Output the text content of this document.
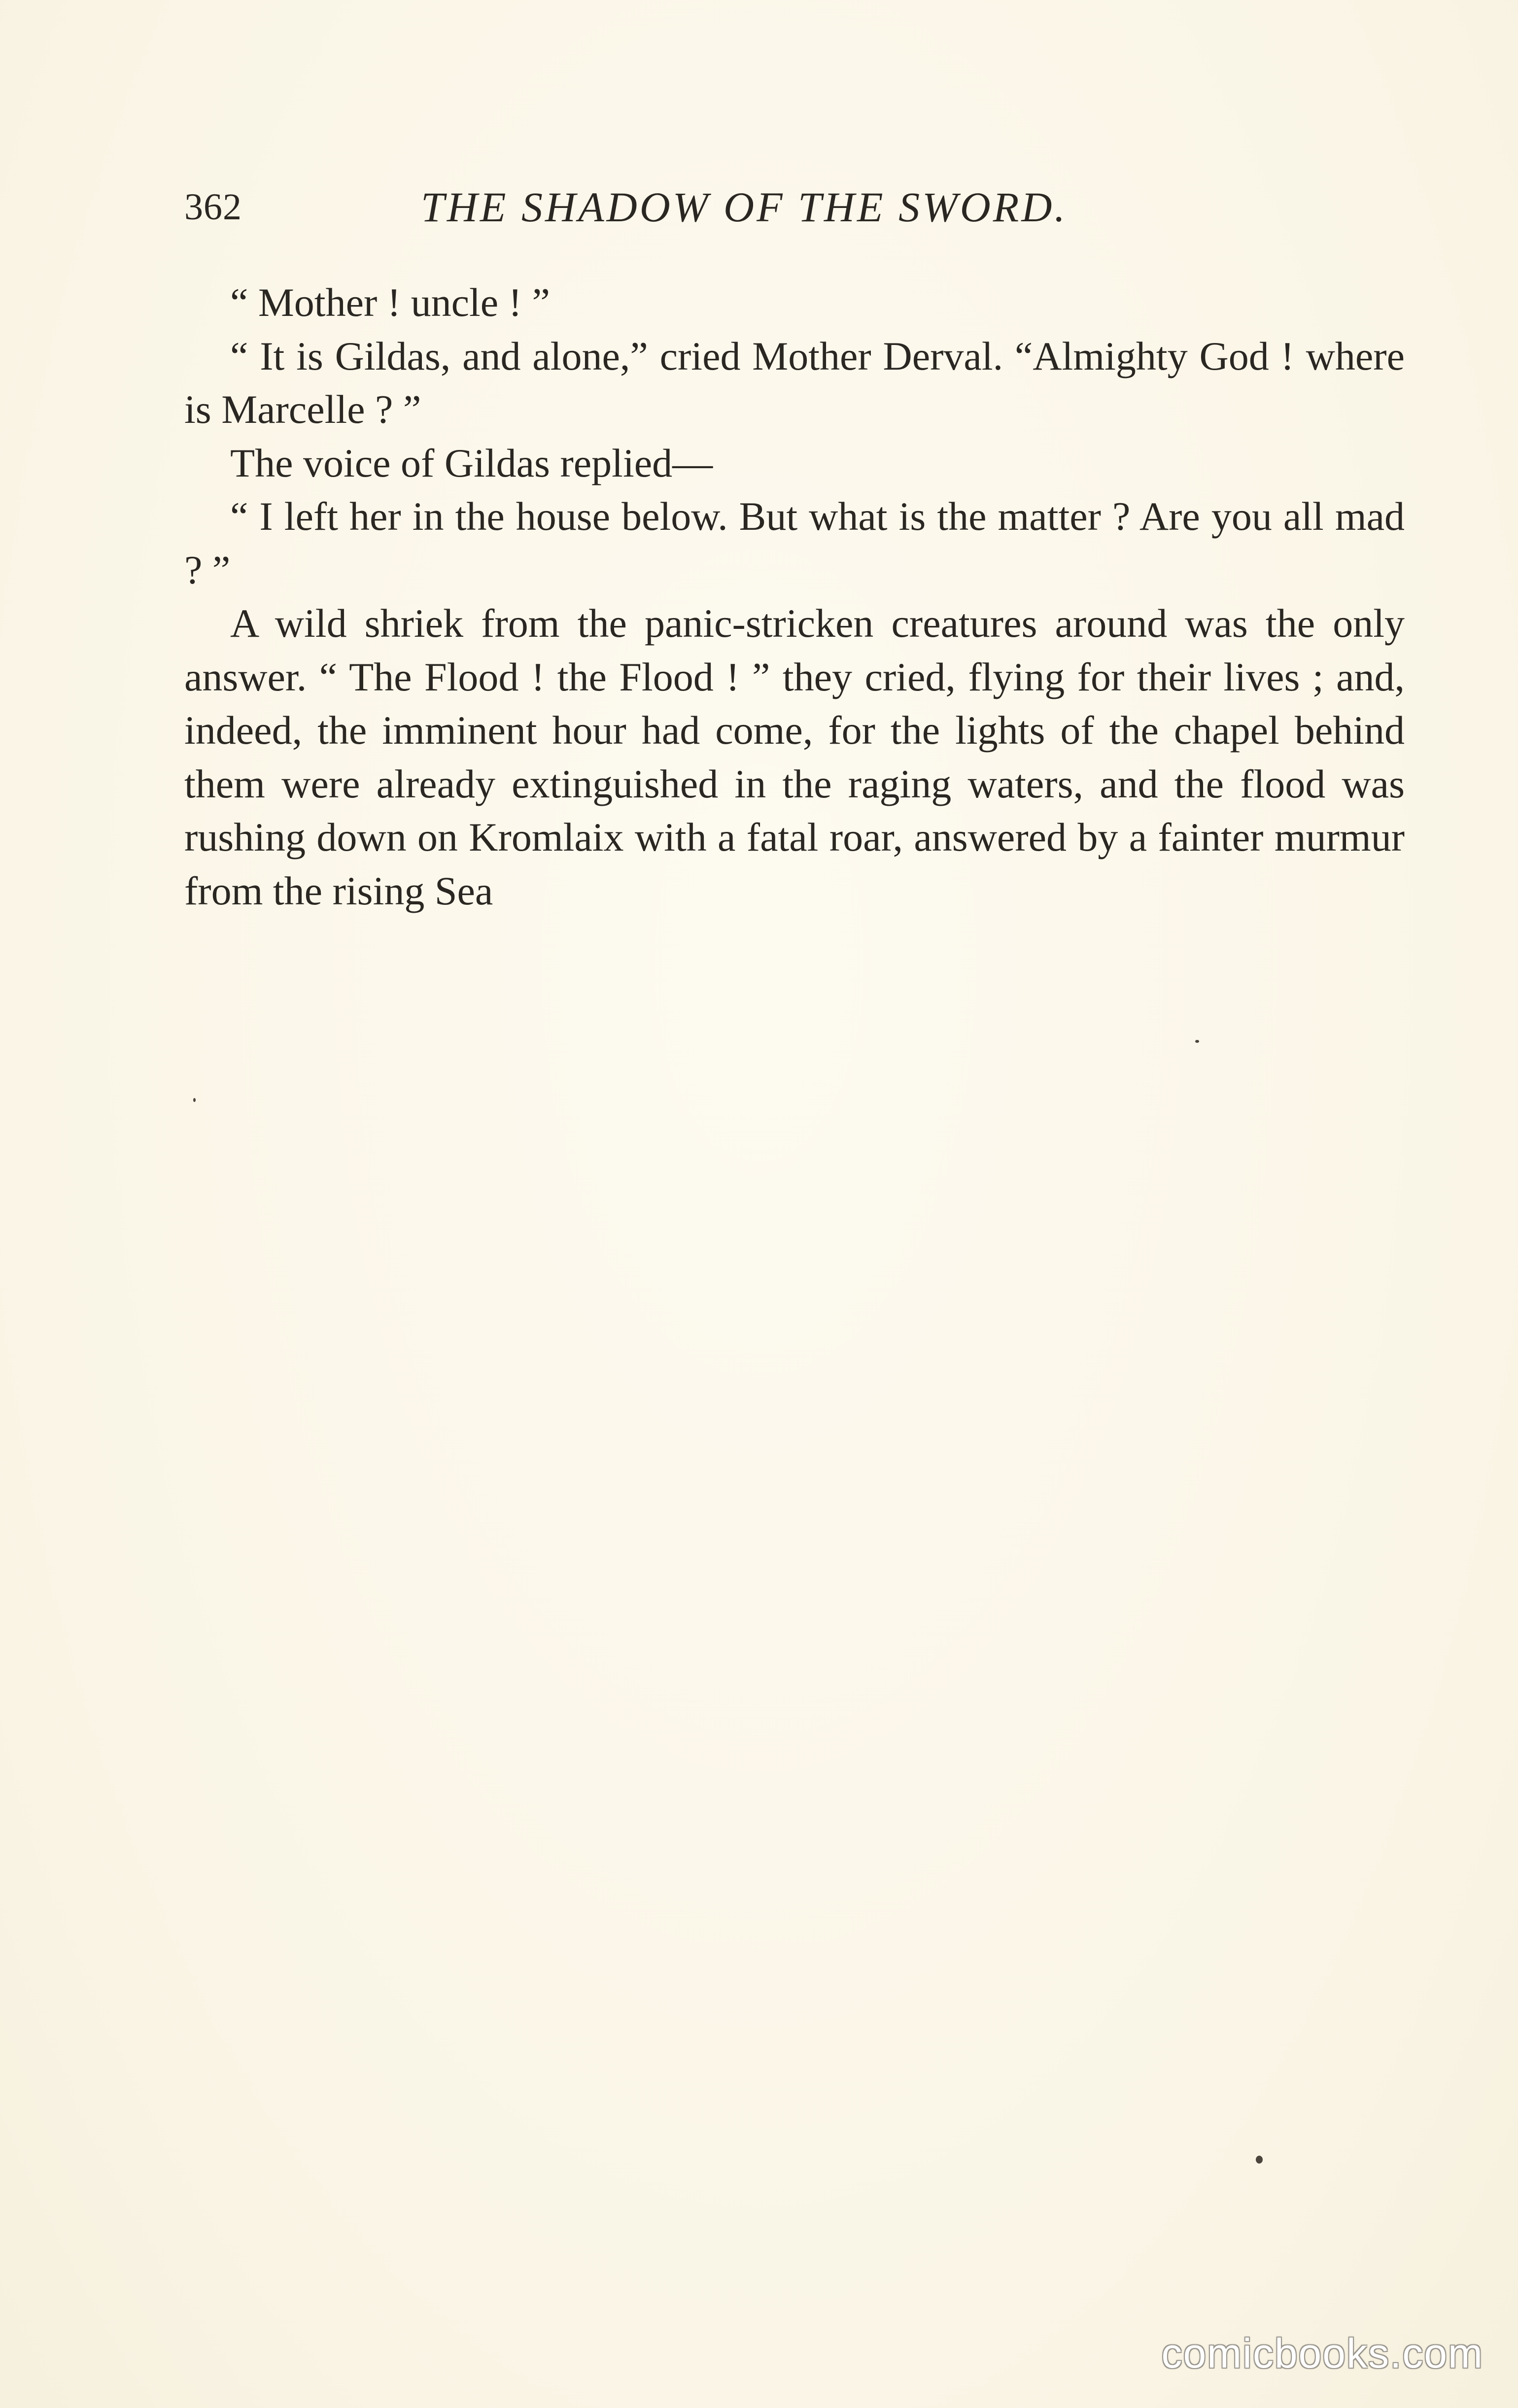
362	THE SHADOW OF THE SWORD.

“ Mother ! uncle ! ”

“ It is Gildas, and alone,” cried Mother Derval. “Almighty God ! where is Marcelle ? ”

The voice of Gildas replied—

“ I left her in the house below. But what is the matter ? Are you all mad ? ”

A wild shriek from the panic-stricken creatures around was the only answer. “ The Flood ! the Flood ! ” they cried, flying for their lives ; and, indeed, the imminent hour had come, for the lights of the chapel behind them were already extinguished in the raging waters, and the flood was rushing down on Kromlaix with a fatal roar, answered by a fainter murmur from the rising Sea

comicbooks.com
